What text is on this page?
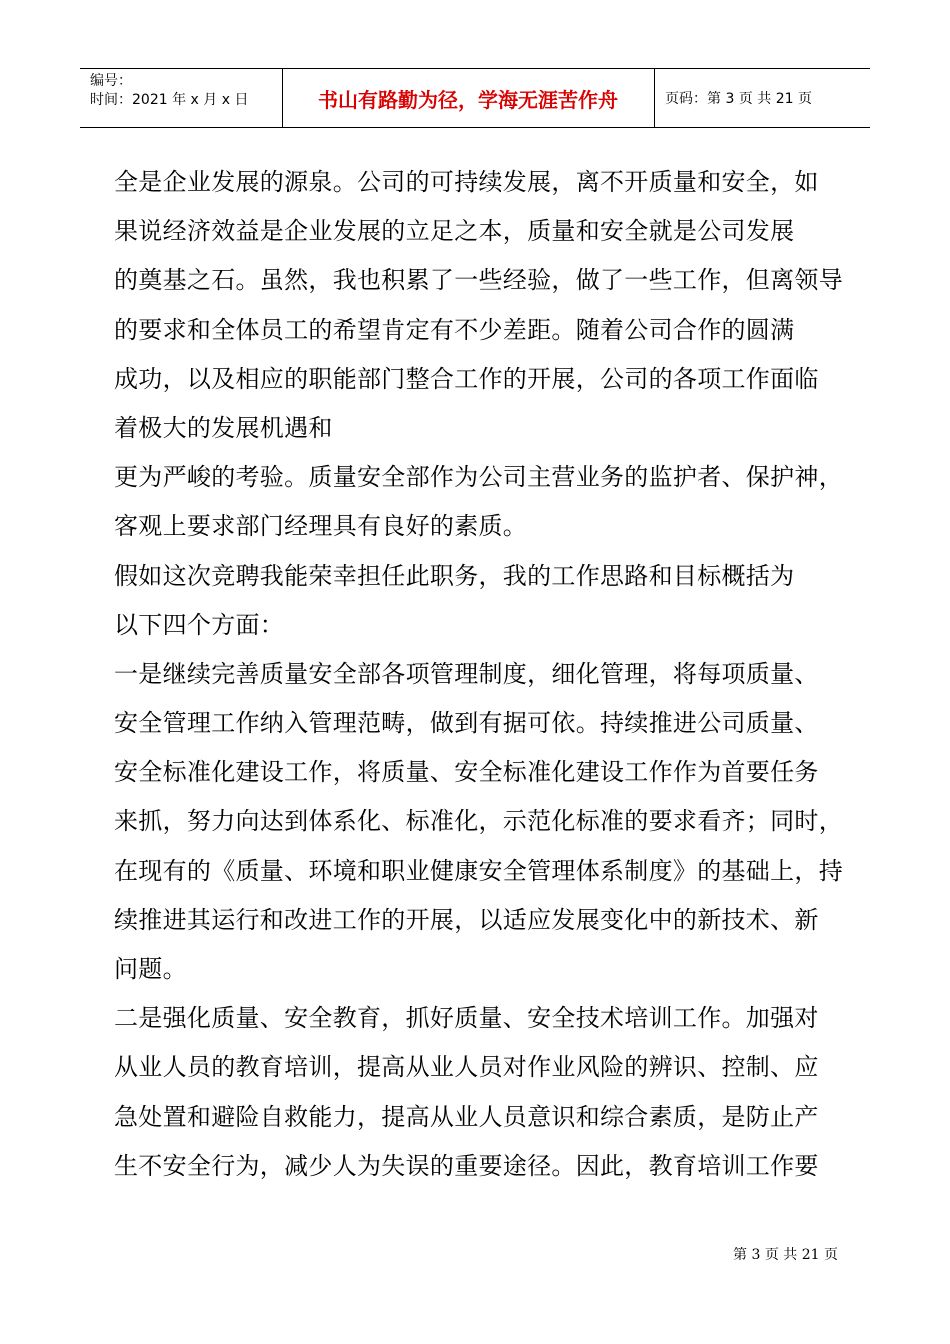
编号：
时间：2021 年 x 月 x 日	书山有路勤为径，学海无涯苦作舟	页码：第 3 页 共 21 页
全是企业发展的源泉。公司的可持续发展，离不开质量和安全，如
果说经济效益是企业发展的立足之本，质量和安全就是公司发展
的奠基之石。虽然，我也积累了一些经验，做了一些工作，但离领导
的要求和全体员工的希望肯定有不少差距。随着公司合作的圆满
成功，以及相应的职能部门整合工作的开展，公司的各项工作面临
着极大的发展机遇和
更为严峻的考验。质量安全部作为公司主营业务的监护者、保护神，
客观上要求部门经理具有良好的素质。
假如这次竞聘我能荣幸担任此职务，我的工作思路和目标概括为
以下四个方面：
一是继续完善质量安全部各项管理制度，细化管理，将每项质量、
安全管理工作纳入管理范畴，做到有据可依。持续推进公司质量、
安全标准化建设工作，将质量、安全标准化建设工作作为首要任务
来抓，努力向达到体系化、标准化，示范化标准的要求看齐；同时，
在现有的《质量、环境和职业健康安全管理体系制度》的基础上，持
续推进其运行和改进工作的开展，以适应发展变化中的新技术、新
问题。
二是强化质量、安全教育，抓好质量、安全技术培训工作。加强对
从业人员的教育培训，提高从业人员对作业风险的辨识、控制、应
急处置和避险自救能力，提高从业人员意识和综合素质，是防止产
生不安全行为，减少人为失误的重要途径。因此，教育培训工作要
第 3 页 共 21 页
